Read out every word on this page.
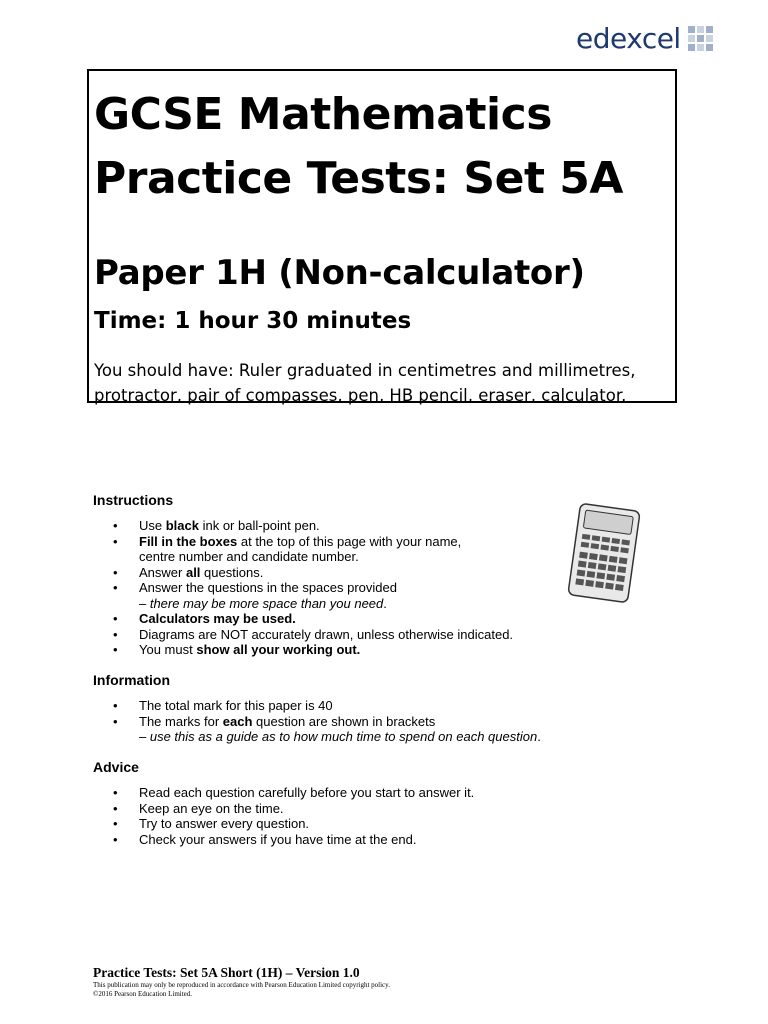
edexcel
GCSE Mathematics
Practice Tests: Set 5A
Paper 1H (Non-calculator)
Time: 1 hour 30 minutes

You should have: Ruler graduated in centimetres and millimetres,
protractor, pair of compasses, pen, HB pencil, eraser, calculator.

Instructions
• Use black ink or ball-point pen.
• Fill in the boxes at the top of this page with your name,
centre number and candidate number.
• Answer all questions.
• Answer the questions in the spaces provided
– there may be more space than you need.
• Calculators may be used.
• Diagrams are NOT accurately drawn, unless otherwise indicated.
• You must show all your working out.
Information
• The total mark for this paper is 40
• The marks for each question are shown in brackets
– use this as a guide as to how much time to spend on each question.
Advice
• Read each question carefully before you start to answer it.
• Keep an eye on the time.
• Try to answer every question.
• Check your answers if you have time at the end.
Practice Tests: Set 5A Short (1H) – Version 1.0
This publication may only be reproduced in accordance with Pearson Education Limited copyright policy.
©2016 Pearson Education Limited.
